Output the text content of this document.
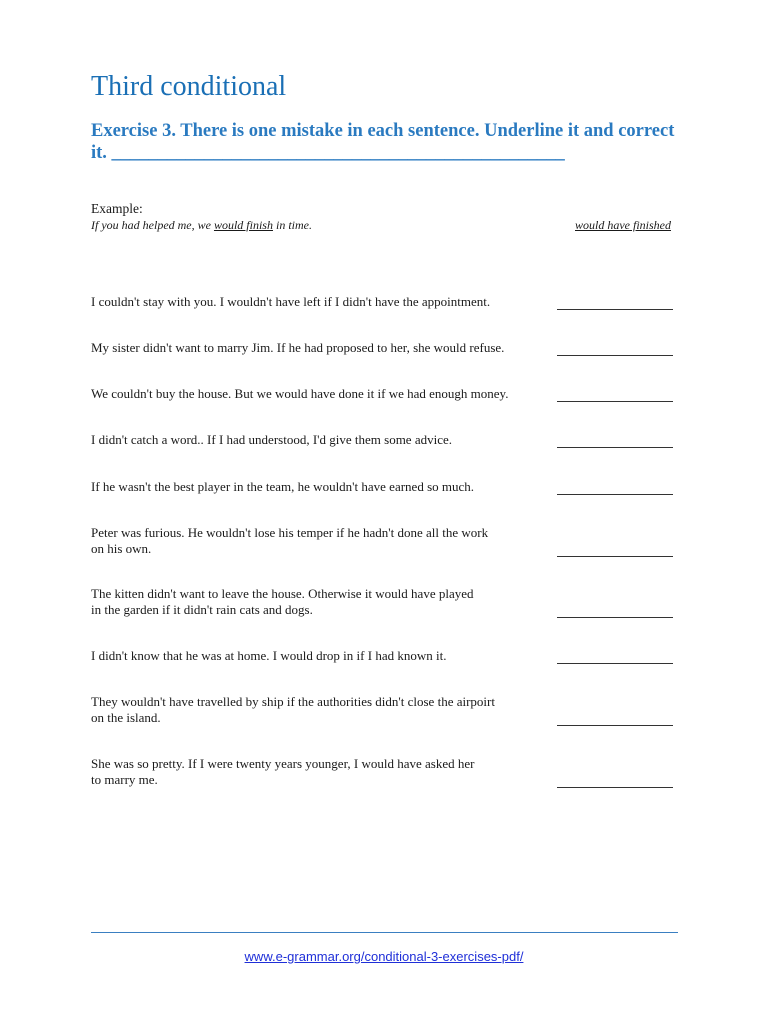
Third conditional

Exercise 3. There is one mistake in each sentence. Underline it and correct it. _________________________________________________

Example:
If you had helped me, we would finish in time.	would have finished
I couldn't stay with you. I wouldn't have left if I didn't have the appointment.
My sister didn't want to marry Jim. If he had proposed to her, she would refuse.
We couldn't buy the house. But we would have done it if we had enough money.
I didn't catch a word.. If I had understood, I'd give them some advice.
If he wasn't the best player in the team, he wouldn't have earned so much.
Peter was furious. He wouldn't lose his temper if he hadn't done all the work
on his own.
The kitten didn't want to leave the house. Otherwise it would have played
in the garden if it didn't rain cats and dogs.
I didn't know that he was at home. I would drop in if I had known it.
They wouldn't have travelled by ship if the authorities didn't close the airpoirt
on the island.
She was so pretty. If I were twenty years younger, I would have asked her
to marry me.
www.e-grammar.org/conditional-3-exercises-pdf/
